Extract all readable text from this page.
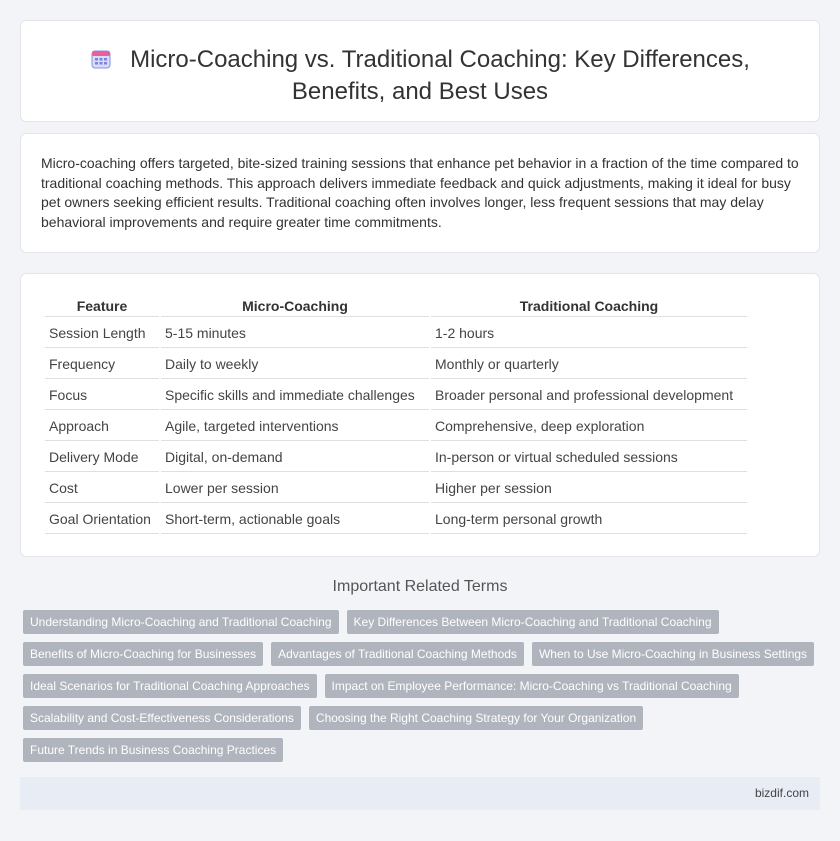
Micro-Coaching vs. Traditional Coaching: Key Differences, Benefits, and Best Uses

Micro-coaching offers targeted, bite-sized training sessions that enhance pet behavior in a fraction of the time compared to traditional coaching methods. This approach delivers immediate feedback and quick adjustments, making it ideal for busy pet owners seeking efficient results. Traditional coaching often involves longer, less frequent sessions that may delay behavioral improvements and require greater time commitments.

Feature	Micro-Coaching	Traditional Coaching
Session Length	5-15 minutes	1-2 hours
Frequency	Daily to weekly	Monthly or quarterly
Focus	Specific skills and immediate challenges	Broader personal and professional development
Approach	Agile, targeted interventions	Comprehensive, deep exploration
Delivery Mode	Digital, on-demand	In-person or virtual scheduled sessions
Cost	Lower per session	Higher per session
Goal Orientation	Short-term, actionable goals	Long-term personal growth
Important Related Terms
Understanding Micro-Coaching and Traditional Coaching	Key Differences Between Micro-Coaching and Traditional Coaching
Benefits of Micro-Coaching for Businesses	Advantages of Traditional Coaching Methods	When to Use Micro-Coaching in Business Settings
Ideal Scenarios for Traditional Coaching Approaches	Impact on Employee Performance: Micro-Coaching vs Traditional Coaching
Scalability and Cost-Effectiveness Considerations	Choosing the Right Coaching Strategy for Your Organization
Future Trends in Business Coaching Practices
bizdif.com
